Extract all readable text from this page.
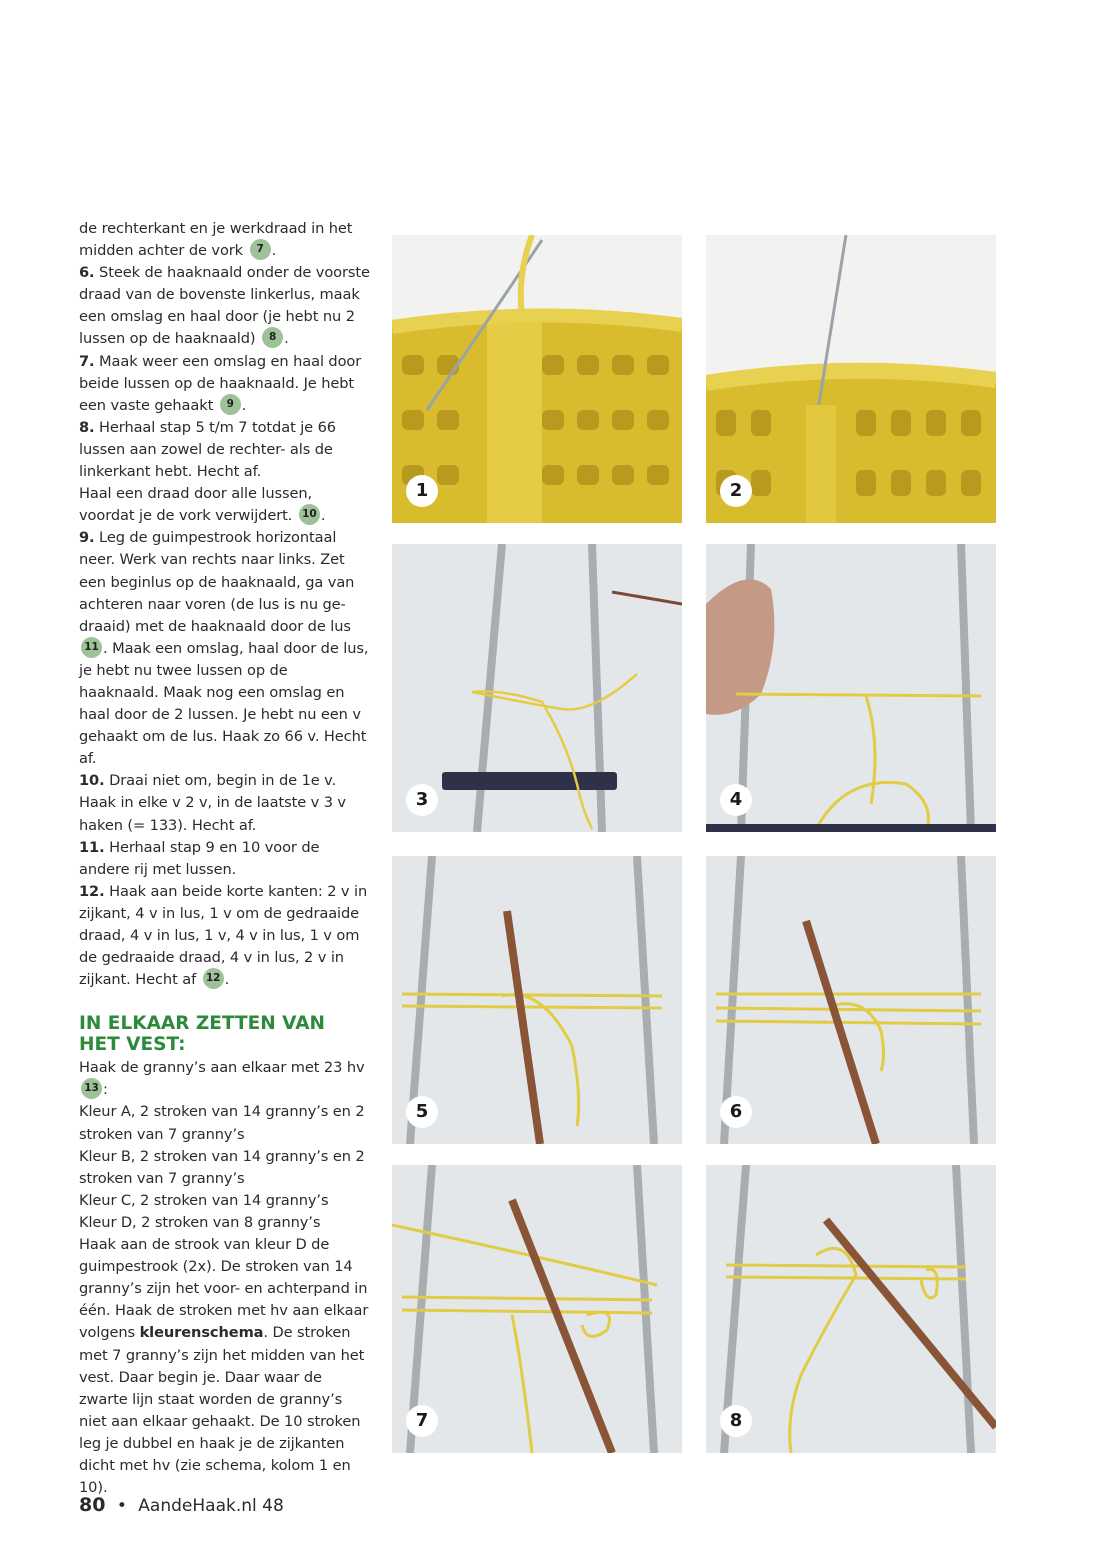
de rechterkant en je werkdraad in het midden achter de vork 7 .

6. Steek de haaknaald onder de voorste draad van de bovenste linkerlus, maak een omslag en haal door (je hebt nu 2 lussen op de haaknaald) 8 .

7. Maak weer een omslag en haal door beide lussen op de haaknaald. Je hebt een vaste gehaakt 9 .

8. Herhaal stap 5 t/m 7 totdat je 66 lussen aan zowel de rechter- als de linkerkant hebt. Hecht af.

Haal een draad door alle lussen, voordat je de vork verwijdert. 10 .

9. Leg de guimpestrook horizontaal neer. Werk van rechts naar links. Zet een beginlus op de haaknaald, ga van achteren naar voren (de lus is nu ge-draaid) met de haaknaald door de lus 11 . Maak een omslag, haal door de lus, je hebt nu twee lussen op de haaknaald. Maak nog een omslag en haal door de 2 lussen. Je hebt nu een v gehaakt om de lus. Haak zo 66 v. Hecht af.

10. Draai niet om, begin in de 1e v. Haak in elke v 2 v, in de laatste v 3 v haken (= 133). Hecht af.

11. Herhaal stap 9 en 10 voor de andere rij met lussen.

12. Haak aan beide korte kanten: 2 v in zijkant, 4 v in lus, 1 v om de gedraaide draad, 4 v in lus, 1 v, 4 v in lus, 1 v om de gedraaide draad, 4 v in lus, 2 v in zijkant. Hecht af 12 .

IN ELKAAR ZETTEN VAN HET VEST:

Haak de granny’s aan elkaar met 23 hv 13 :

Kleur A, 2 stroken van 14 granny’s en 2 stroken van 7 granny’s

Kleur B, 2 stroken van 14 granny’s en 2 stroken van 7 granny’s

Kleur C, 2 stroken van 14 granny’s

Kleur D, 2 stroken van 8 granny’s

Haak aan de strook van kleur D de guimpestrook (2x). De stroken van 14 granny’s zijn het voor- en achterpand in één. Haak de stroken met hv aan elkaar volgens kleurenschema. De stroken met 7 granny’s zijn het midden van het vest. Daar begin je. Daar waar de zwarte lijn staat worden de granny’s niet aan elkaar gehaakt. De 10 stroken leg je dubbel en haak je de zijkanten dicht met hv (zie schema, kolom 1 en 10).

1	2
3	4
5	6
7	8
80 • AandeHaak.nl 48
